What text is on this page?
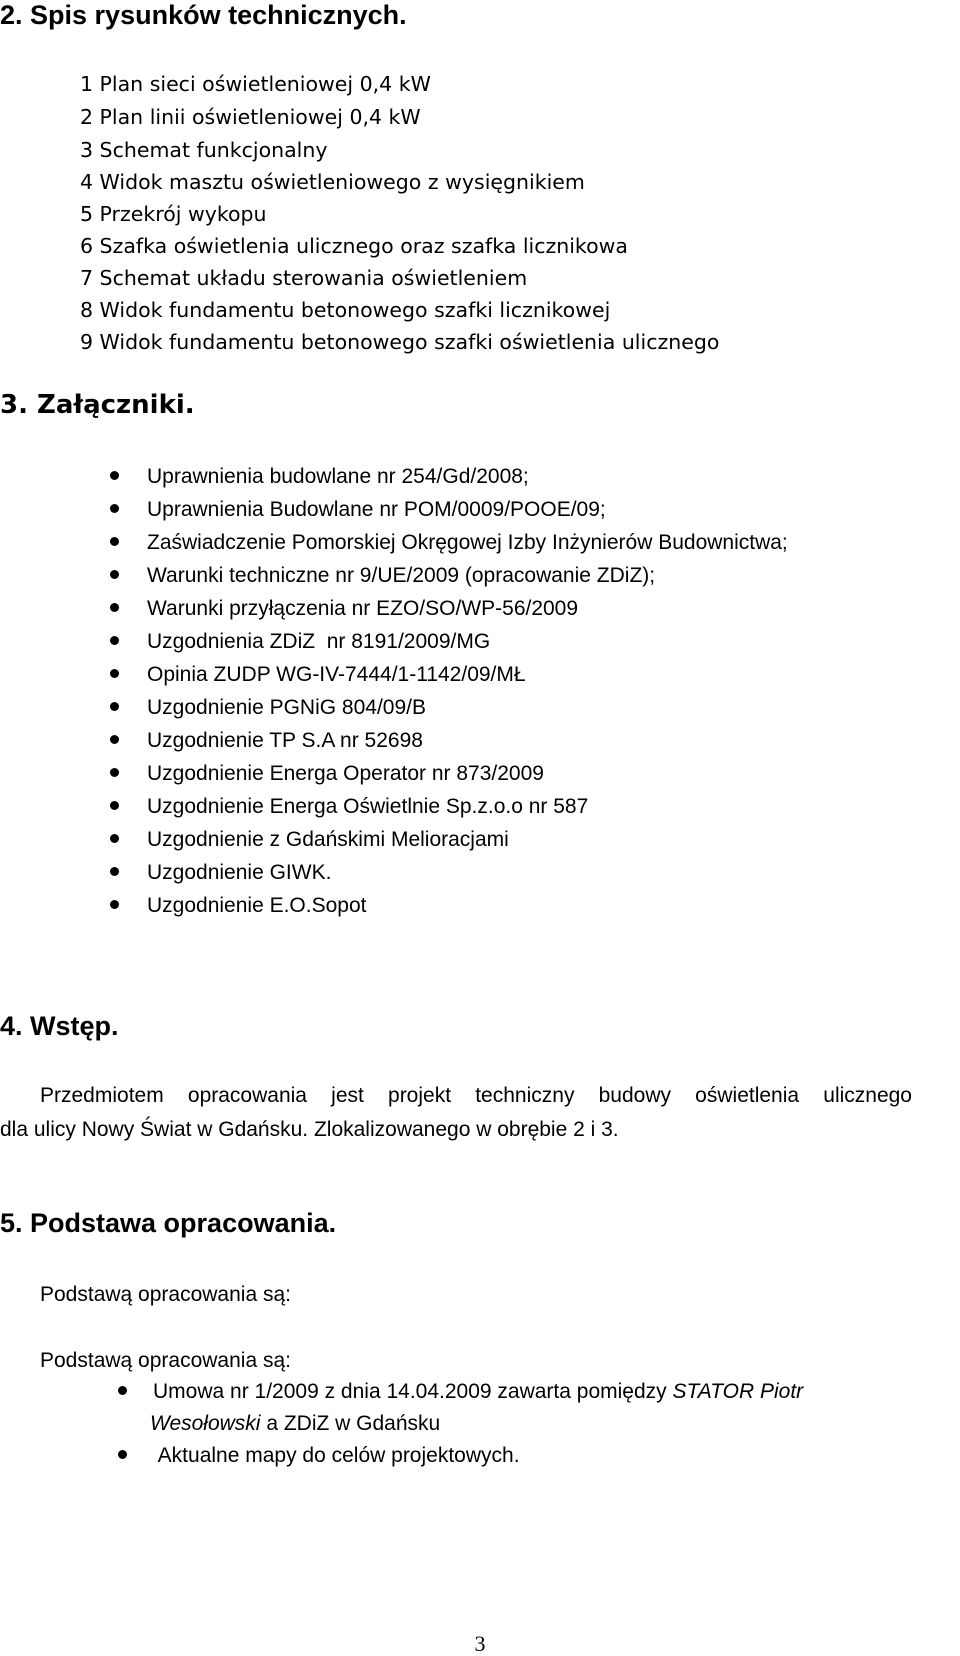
2. Spis rysunków technicznych.
1 Plan sieci oświetleniowej 0,4 kW
2 Plan linii oświetleniowej 0,4 kW
3 Schemat funkcjonalny
4 Widok masztu oświetleniowego z wysięgnikiem
5 Przekrój wykopu
6 Szafka oświetlenia ulicznego oraz szafka licznikowa
7 Schemat układu sterowania oświetleniem
8 Widok fundamentu betonowego szafki licznikowej
9 Widok fundamentu betonowego szafki oświetlenia ulicznego
3. Załączniki.
Uprawnienia budowlane nr 254/Gd/2008;
Uprawnienia Budowlane nr POM/0009/POOE/09;
Zaświadczenie Pomorskiej Okręgowej Izby Inżynierów Budownictwa;
Warunki techniczne nr 9/UE/2009 (opracowanie ZDiZ);
Warunki przyłączenia nr EZO/SO/WP-56/2009
Uzgodnienia ZDiZ  nr 8191/2009/MG
Opinia ZUDP WG-IV-7444/1-1142/09/MŁ
Uzgodnienie PGNiG 804/09/B
Uzgodnienie TP S.A nr 52698
Uzgodnienie Energa Operator nr 873/2009
Uzgodnienie Energa Oświetlnie Sp.z.o.o nr 587
Uzgodnienie z Gdańskimi Melioracjami
Uzgodnienie GIWK.
Uzgodnienie E.O.Sopot
4. Wstęp.
Przedmiotem opracowania jest projekt techniczny budowy oświetlenia ulicznego
dla ulicy Nowy Świat w Gdańsku. Zlokalizowanego w obrębie 2 i 3.
5. Podstawa opracowania.
Podstawą opracowania są:
Podstawą opracowania są:
Umowa nr 1/2009 z dnia 14.04.2009 zawarta pomiędzy STATOR Piotr
Wesołowski a ZDiZ w Gdańsku
Aktualne mapy do celów projektowych.
3
